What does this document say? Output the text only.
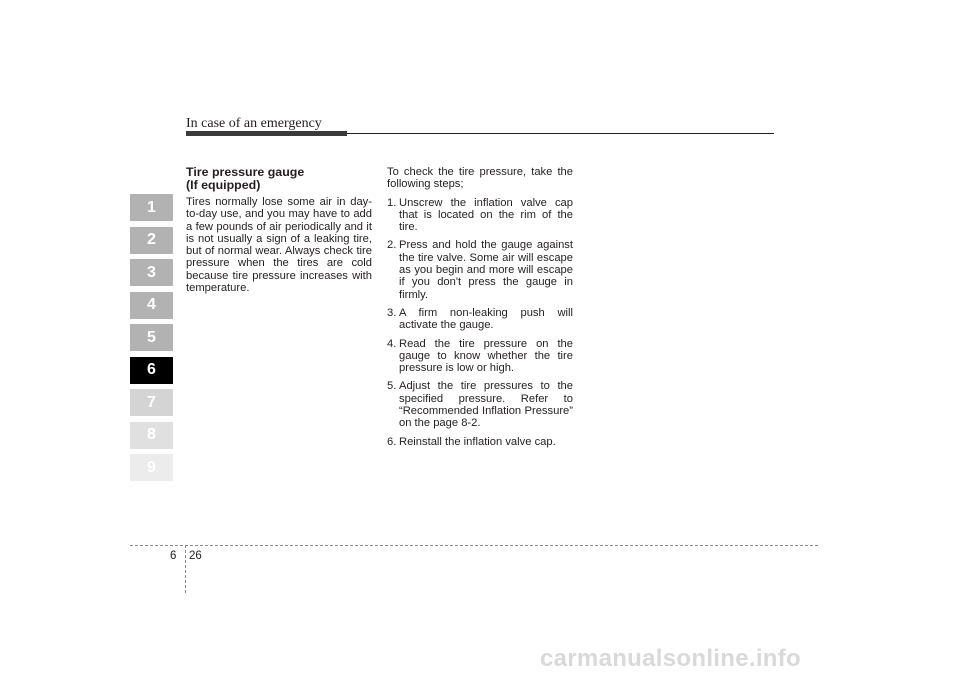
In case of an emergency
1
2
3
4
5
6
7
8
9
Tire pressure gauge
(If equipped)

Tires normally lose some air in day-to-day use, and you may have to add a few pounds of air periodically and it is not usually a sign of a leaking tire, but of normal wear. Always check tire pressure when the tires are cold because tire pressure increases with temperature.

To check the tire pressure, take the following steps;

1. Unscrew the inflation valve cap that is located on the rim of the tire.
2. Press and hold the gauge against the tire valve. Some air will escape as you begin and more will escape if you don't press the gauge in firmly.
3. A firm non-leaking push will activate the gauge.
4. Read the tire pressure on the gauge to know whether the tire pressure is low or high.
5. Adjust the tire pressures to the specified pressure. Refer to “Recommended Inflation Pressure” on the page 8-2.
6. Reinstall the inflation valve cap.
6 26
carmanualsonline.info
